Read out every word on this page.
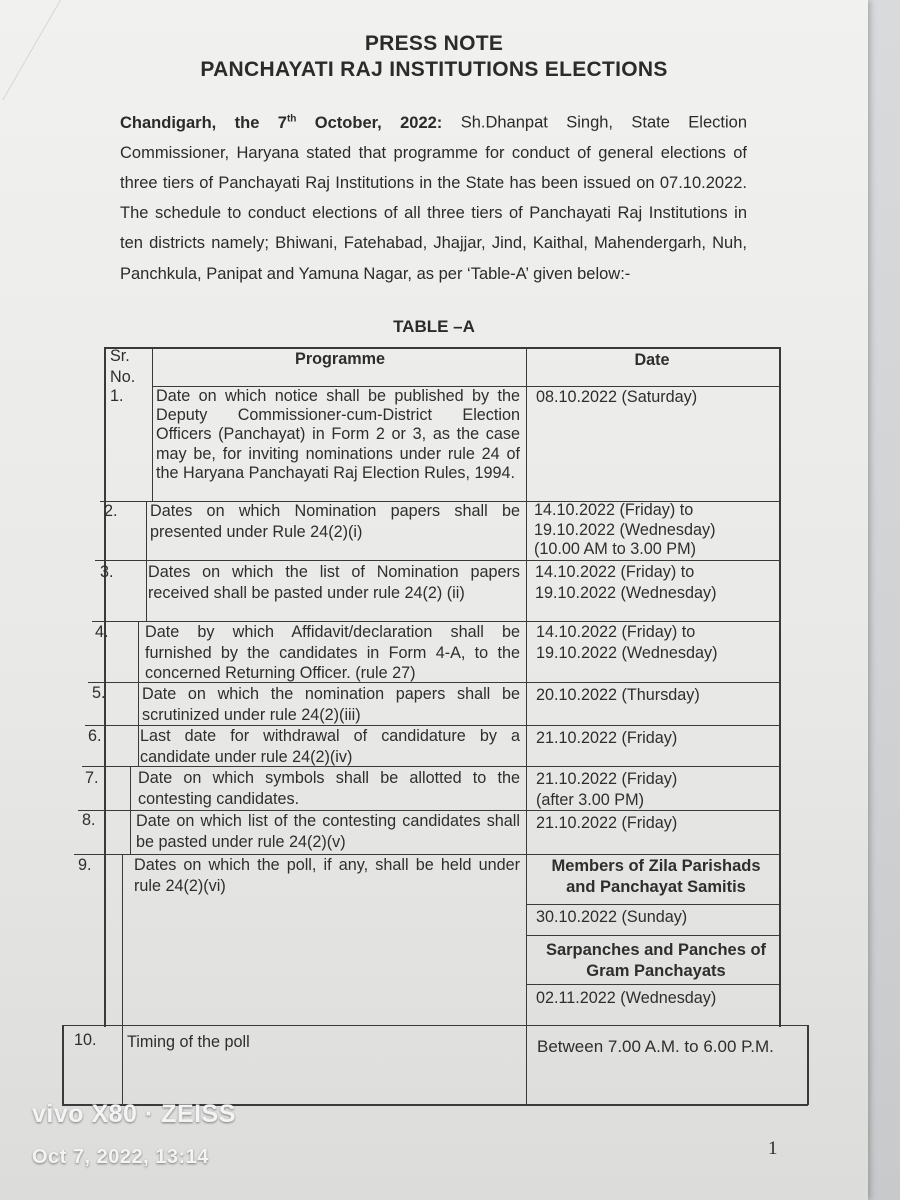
PRESS NOTE
PANCHAYATI RAJ INSTITUTIONS ELECTIONS

Chandigarh, the 7th October, 2022: Sh.Dhanpat Singh, State Election Commissioner, Haryana stated that programme for conduct of general elections of three tiers of Panchayati Raj Institutions in the State has been issued on 07.10.2022. The schedule to conduct elections of all three tiers of Panchayati Raj Institutions in ten districts namely; Bhiwani, Fatehabad, Jhajjar, Jind, Kaithal, Mahendergarh, Nuh, Panchkula, Panipat and Yamuna Nagar, as per ‘Table-A’ given below:-

TABLE –A
Sr. No.
Programme	Date
1.	Date on which notice shall be published by the Deputy Commissioner-cum-District Election Officers (Panchayat) in Form 2 or 3, as the case may be, for inviting nominations under rule 24 of the Haryana Panchayati Raj Election Rules, 1994.
08.10.2022 (Saturday)
2.	Dates on which Nomination papers shall be presented under Rule 24(2)(i)
14.10.2022 (Friday) to 19.10.2022 (Wednesday) (10.00 AM to 3.00 PM)
3.	Dates on which the list of Nomination papers received shall be pasted under rule 24(2) (ii)
14.10.2022 (Friday) to 19.10.2022 (Wednesday)
4.	Date by which Affidavit/declaration shall be furnished by the candidates in Form 4-A, to the concerned Returning Officer. (rule 27)
14.10.2022 (Friday) to 19.10.2022 (Wednesday)
5.	Date on which the nomination papers shall be scrutinized under rule 24(2)(iii)
20.10.2022 (Thursday)
6.	Last date for withdrawal of candidature by a candidate under rule 24(2)(iv)
21.10.2022 (Friday)
7.	Date on which symbols shall be allotted to the contesting candidates.
21.10.2022 (Friday) (after 3.00 PM)
8.	Date on which list of the contesting candidates shall be pasted under rule 24(2)(v)
21.10.2022 (Friday)
9.	Dates on which the poll, if any, shall be held under rule 24(2)(vi)
Members of Zila Parishads and Panchayat Samitis
30.10.2022 (Sunday)
Sarpanches and Panches of Gram Panchayats
02.11.2022 (Wednesday)
10.	Timing of the poll	Between 7.00 A.M. to 6.00 P.M.
1
vivo X80 · ZEISS
Oct 7, 2022, 13:14
